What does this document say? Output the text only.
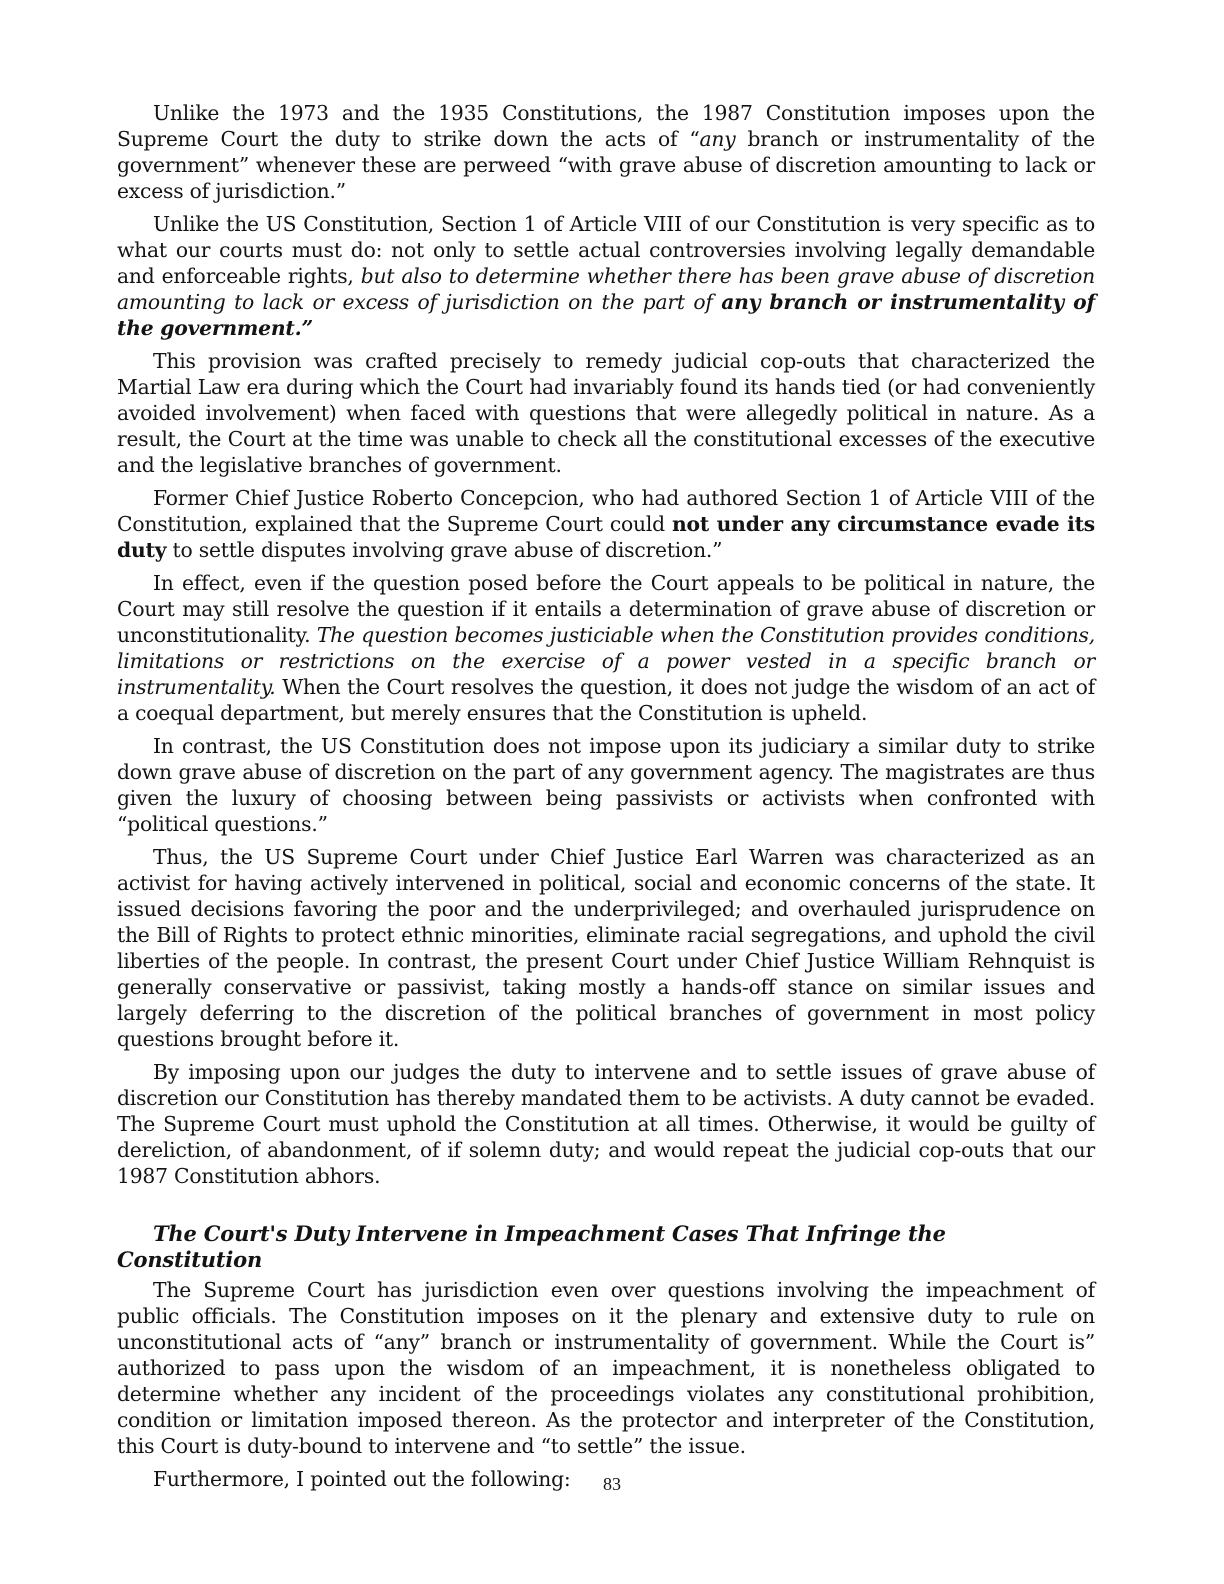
Unlike the 1973 and the 1935 Constitutions, the 1987 Constitution imposes upon the Supreme Court the duty to strike down the acts of “any branch or instrumentality of the government” whenever these are perweed “with grave abuse of discretion amounting to lack or excess of jurisdiction.”

Unlike the US Constitution, Section 1 of Article VIII of our Constitution is very specific as to what our courts must do: not only to settle actual controversies involving legally demandable and enforceable rights, but also to determine whether there has been grave abuse of discretion amounting to lack or excess of jurisdiction on the part of any branch or instrumentality of the government.”

This provision was crafted precisely to remedy judicial cop-outs that characterized the Martial Law era during which the Court had invariably found its hands tied (or had conveniently avoided involvement) when faced with questions that were allegedly political in nature. As a result, the Court at the time was unable to check all the constitutional excesses of the executive and the legislative branches of government.

Former Chief Justice Roberto Concepcion, who had authored Section 1 of Article VIII of the Constitution, explained that the Supreme Court could not under any circumstance evade its duty to settle disputes involving grave abuse of discretion.”

In effect, even if the question posed before the Court appeals to be political in nature, the Court may still resolve the question if it entails a determination of grave abuse of discretion or unconstitutionality. The question becomes justiciable when the Constitution provides conditions, limitations or restrictions on the exercise of a power vested in a specific branch or instrumentality. When the Court resolves the question, it does not judge the wisdom of an act of a coequal department, but merely ensures that the Constitution is upheld.

In contrast, the US Constitution does not impose upon its judiciary a similar duty to strike down grave abuse of discretion on the part of any government agency. The magistrates are thus given the luxury of choosing between being passivists or activists when confronted with “political questions.”

Thus, the US Supreme Court under Chief Justice Earl Warren was characterized as an activist for having actively intervened in political, social and economic concerns of the state. It issued decisions favoring the poor and the underprivileged; and overhauled jurisprudence on the Bill of Rights to protect ethnic minorities, eliminate racial segregations, and uphold the civil liberties of the people. In contrast, the present Court under Chief Justice William Rehnquist is generally conservative or passivist, taking mostly a hands-off stance on similar issues and largely deferring to the discretion of the political branches of government in most policy questions brought before it.

By imposing upon our judges the duty to intervene and to settle issues of grave abuse of discretion our Constitution has thereby mandated them to be activists. A duty cannot be evaded. The Supreme Court must uphold the Constitution at all times. Otherwise, it would be guilty of dereliction, of abandonment, of if solemn duty; and would repeat the judicial cop-outs that our 1987 Constitution abhors.

The Court's Duty Intervene in Impeachment Cases That Infringe the Constitution

The Supreme Court has jurisdiction even over questions involving the impeachment of public officials. The Constitution imposes on it the plenary and extensive duty to rule on unconstitutional acts of “any” branch or instrumentality of government. While the Court is” authorized to pass upon the wisdom of an impeachment, it is nonetheless obligated to determine whether any incident of the proceedings violates any constitutional prohibition, condition or limitation imposed thereon. As the protector and interpreter of the Constitution, this Court is duty-bound to intervene and “to settle” the issue.

Furthermore, I pointed out the following:	83
